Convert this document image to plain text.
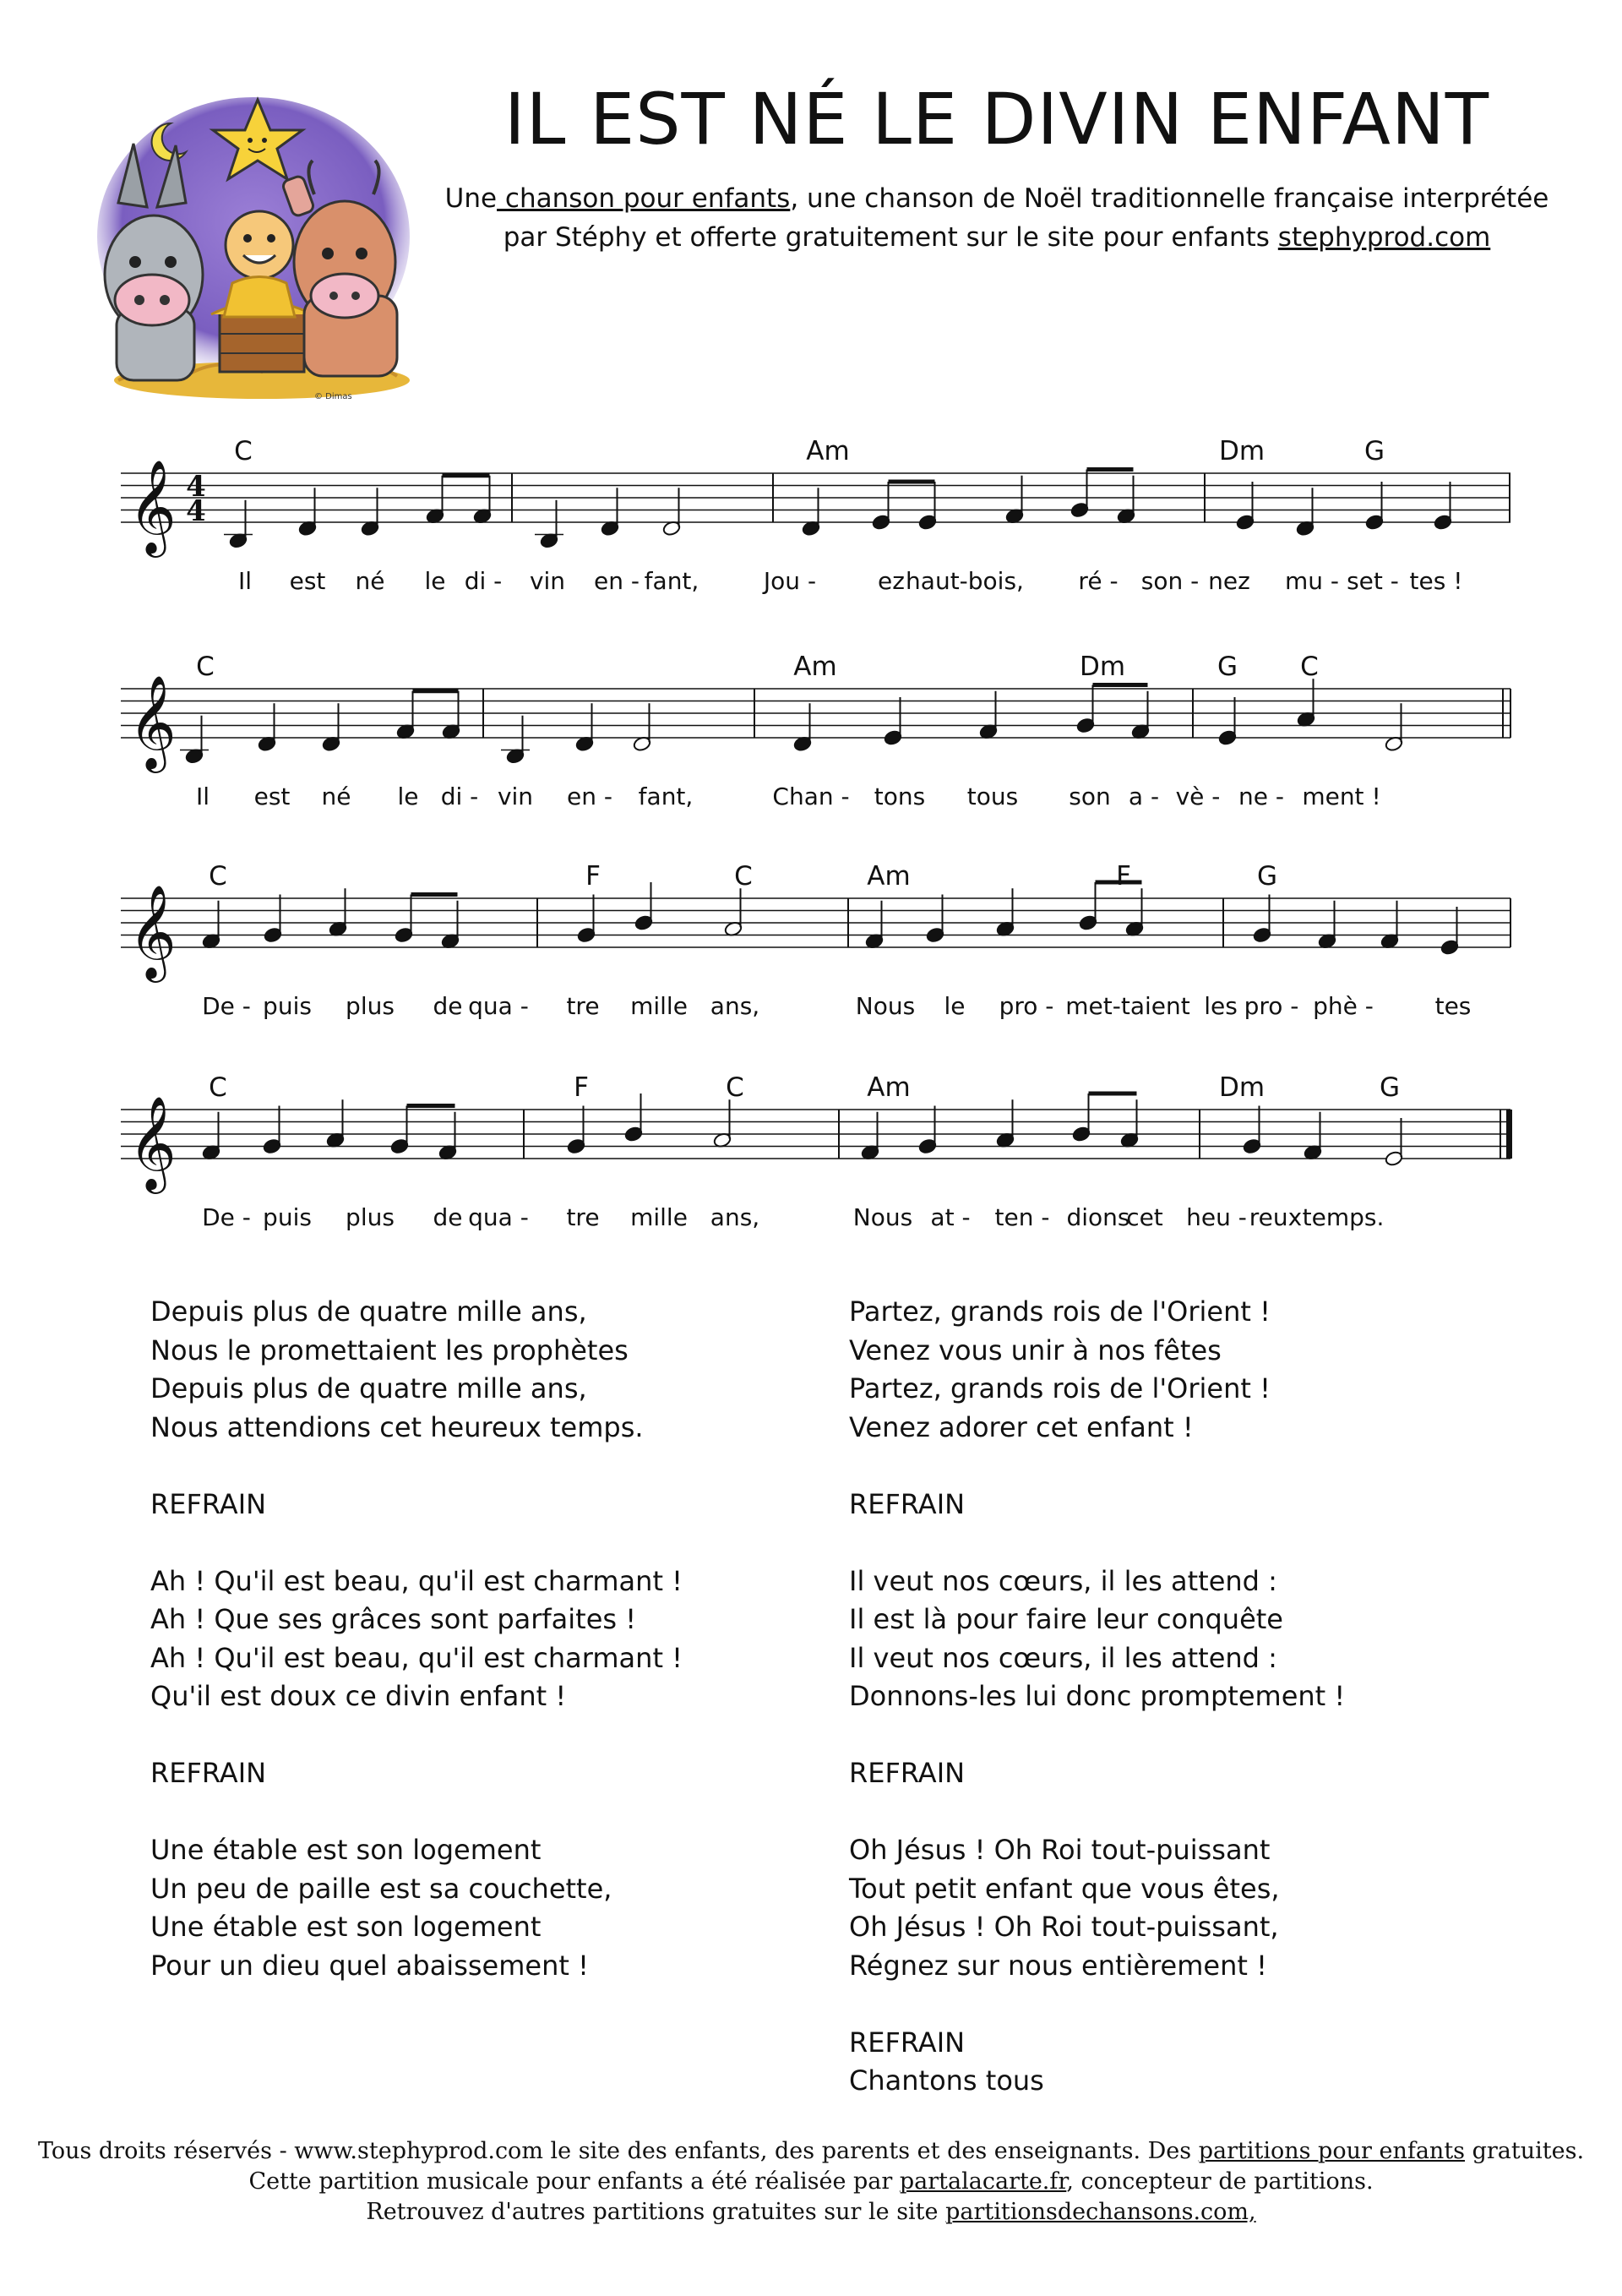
IL EST NÉ LE DIVIN ENFANT
Une chanson pour enfants, une chanson de Noël traditionnelle française interprétée
par Stéphy et offerte gratuitement sur le site pour enfants stephyprod.com
© Dimas
𝄞 4
4
C	Am	Dm	G
Il est né le di - vin en - fant,	Jou -	ez haut-bois, ré - son - nez mu - set - tes !
𝄞
C	Am	Dm	G C
Il est né le di - vin en - fant,	Chan - tons tous son a - vè - ne - ment !
𝄞
C	F	C	Am	F	G
De - puis plus de qua - tre mille ans,	Nous le pro - met-taient les pro - phè -	tes
𝄞
C	F	C	Am	Dm	G
De - puis plus de qua - tre mille ans,	Nous at - ten - dions
cet heu - reux temps.
Depuis plus de quatre mille ans,
Nous le promettaient les prophètes
Depuis plus de quatre mille ans,
Nous attendions cet heureux temps.

REFRAIN

Ah ! Qu'il est beau, qu'il est charmant !
Ah ! Que ses grâces sont parfaites !
Ah ! Qu'il est beau, qu'il est charmant !
Qu'il est doux ce divin enfant !

REFRAIN

Une étable est son logement
Un peu de paille est sa couchette,
Une étable est son logement
Pour un dieu quel abaissement !
Partez, grands rois de l'Orient !
Venez vous unir à nos fêtes
Partez, grands rois de l'Orient !
Venez adorer cet enfant !

REFRAIN

Il veut nos cœurs, il les attend :
Il est là pour faire leur conquête
Il veut nos cœurs, il les attend :
Donnons-les lui donc promptement !

REFRAIN

Oh Jésus ! Oh Roi tout-puissant
Tout petit enfant que vous êtes,
Oh Jésus ! Oh Roi tout-puissant,
Régnez sur nous entièrement !

REFRAIN
Chantons tous
Tous droits réservés - www.stephyprod.com le site des enfants, des parents et des enseignants. Des partitions pour enfants gratuites.
Cette partition musicale pour enfants a été réalisée par partalacarte.fr, concepteur de partitions.
Retrouvez d'autres partitions gratuites sur le site partitionsdechansons.com,
